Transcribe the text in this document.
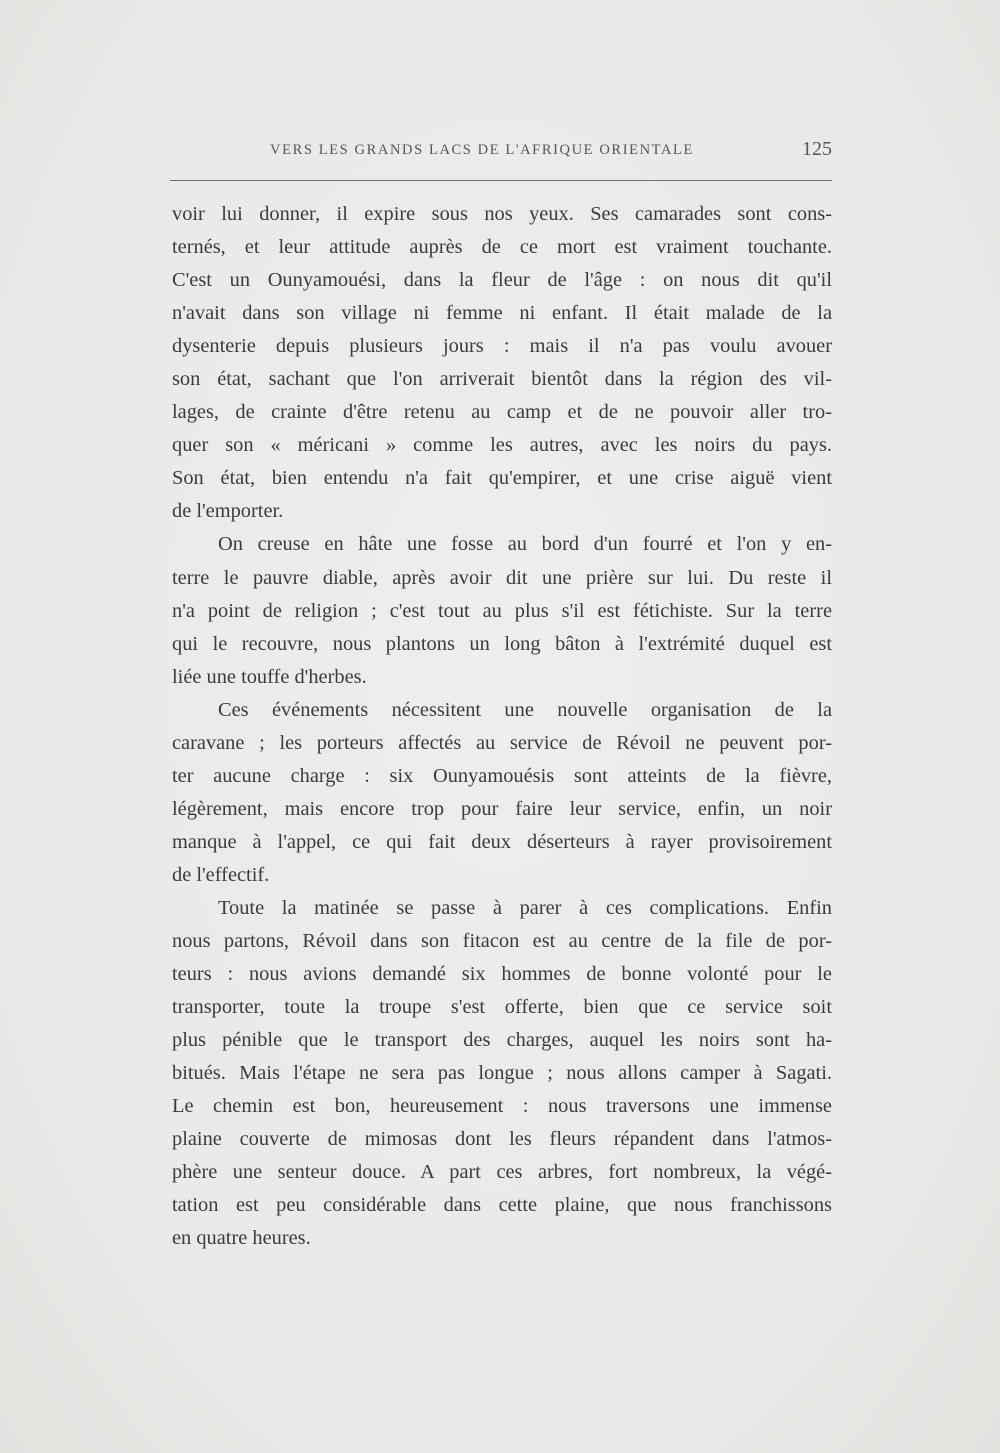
VERS LES GRANDS LACS DE L'AFRIQUE ORIENTALE	125
voir lui donner, il expire sous nos yeux. Ses camarades sont cons-
ternés, et leur attitude auprès de ce mort est vraiment touchante.
C'est un Ounyamouési, dans la fleur de l'âge : on nous dit qu'il
n'avait dans son village ni femme ni enfant. Il était malade de la
dysenterie depuis plusieurs jours : mais il n'a pas voulu avouer
son état, sachant que l'on arriverait bientôt dans la région des vil-
lages, de crainte d'être retenu au camp et de ne pouvoir aller tro-
quer son « méricani » comme les autres, avec les noirs du pays.
Son état, bien entendu n'a fait qu'empirer, et une crise aiguë vient
de l'emporter.
On creuse en hâte une fosse au bord d'un fourré et l'on y en-
terre le pauvre diable, après avoir dit une prière sur lui. Du reste il
n'a point de religion ; c'est tout au plus s'il est fétichiste. Sur la terre
qui le recouvre, nous plantons un long bâton à l'extrémité duquel est
liée une touffe d'herbes.
Ces événements nécessitent une nouvelle organisation de la
caravane ; les porteurs affectés au service de Révoil ne peuvent por-
ter aucune charge : six Ounyamouésis sont atteints de la fièvre,
légèrement, mais encore trop pour faire leur service, enfin, un noir
manque à l'appel, ce qui fait deux déserteurs à rayer provisoirement
de l'effectif.
Toute la matinée se passe à parer à ces complications. Enfin
nous partons, Révoil dans son fitacon est au centre de la file de por-
teurs : nous avions demandé six hommes de bonne volonté pour le
transporter, toute la troupe s'est offerte, bien que ce service soit
plus pénible que le transport des charges, auquel les noirs sont ha-
bitués. Mais l'étape ne sera pas longue ; nous allons camper à Sagati.
Le chemin est bon, heureusement : nous traversons une immense
plaine couverte de mimosas dont les fleurs répandent dans l'atmos-
phère une senteur douce. A part ces arbres, fort nombreux, la végé-
tation est peu considérable dans cette plaine, que nous franchissons
en quatre heures.
